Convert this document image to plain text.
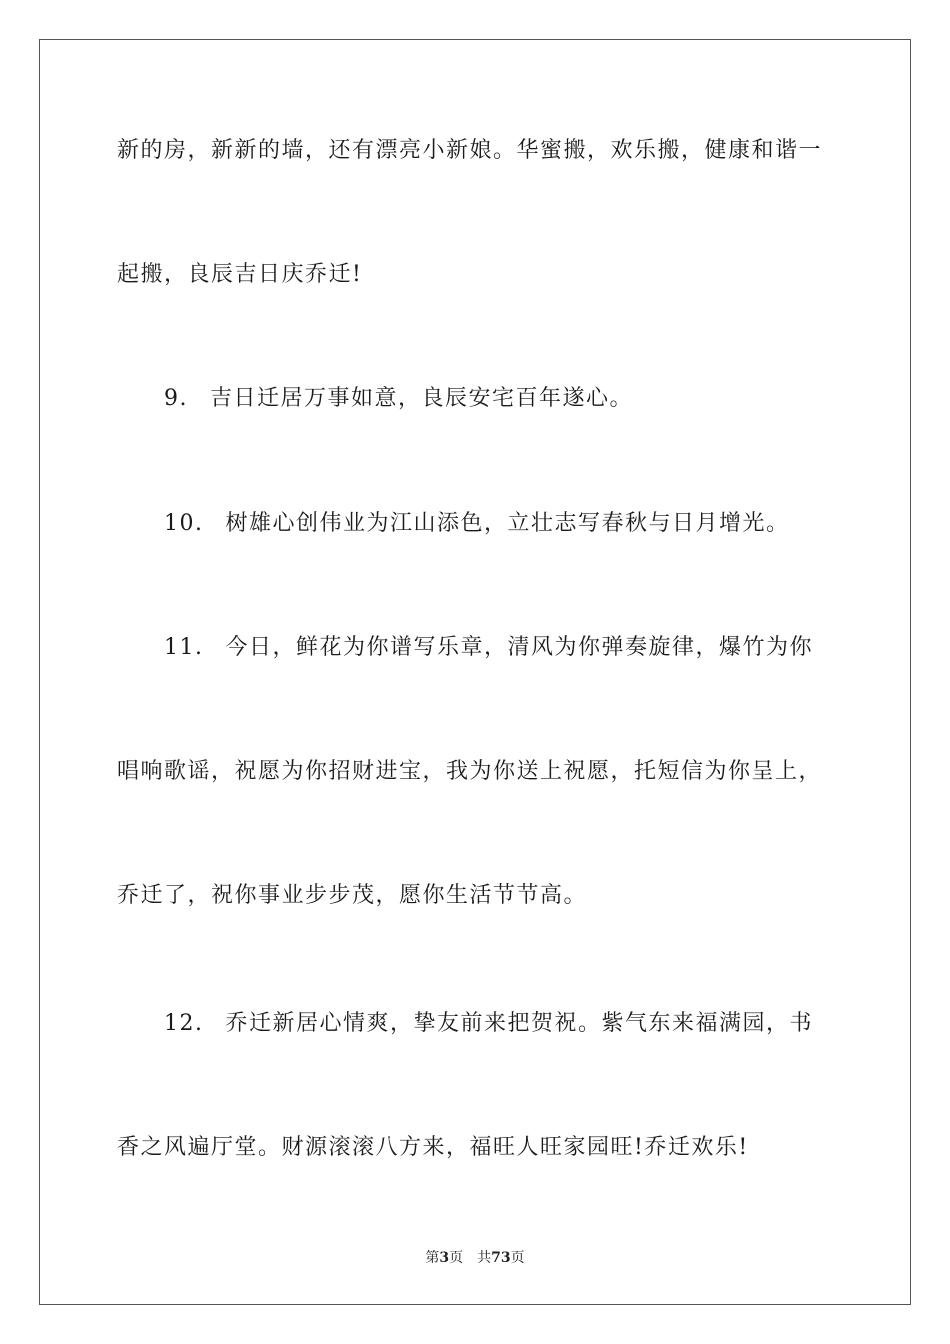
新的房，新新的墙，还有漂亮小新娘。华蜜搬，欢乐搬，健康和谐一
起搬，良辰吉日庆乔迁!
9. 吉日迁居万事如意，良辰安宅百年遂心。
10. 树雄心创伟业为江山添色，立壮志写春秋与日月增光。
11. 今日，鲜花为你谱写乐章，清风为你弹奏旋律，爆竹为你
唱响歌谣，祝愿为你招财进宝，我为你送上祝愿，托短信为你呈上，
乔迁了，祝你事业步步茂，愿你生活节节高。
12. 乔迁新居心情爽，挚友前来把贺祝。紫气东来福满园，书
香之风遍厅堂。财源滚滚八方来，福旺人旺家园旺!乔迁欢乐!
第3页 共73页
